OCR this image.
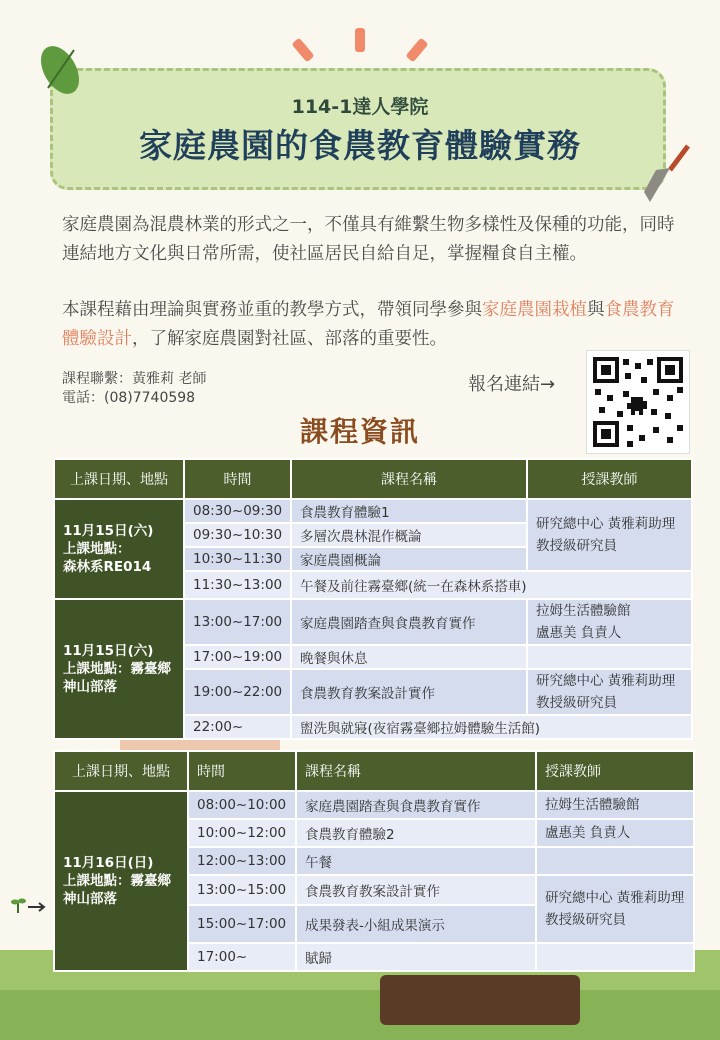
114-1達人學院
家庭農園的食農教育體驗實務
家庭農園為混農林業的形式之一，不僅具有維繫生物多樣性及保種的功能，同時連結地方文化與日常所需，使社區居民自給自足，掌握糧食自主權。
本課程藉由理論與實務並重的教學方式，帶領同學參與家庭農園栽植與食農教育體驗設計，了解家庭農園對社區、部落的重要性。
課程聯繫：黃雅莉 老師
電話：(08)7740598
報名連結→
課程資訊
上課日期、地點	時間	課程名稱	授課教師
11月15日(六)
上課地點：
森林系RE014	08:30~09:30	食農教育體驗1	研究總中心 黃雅莉助理教授級研究員
	09:30~10:30	多層次農林混作概論	
	10:30~11:30	家庭農園概論	
	11:30~13:00	午餐及前往霧臺鄉(統一在森林系搭車)	
11月15日(六)
上課地點：霧臺鄉
神山部落	13:00~17:00	家庭農園踏查與食農教育實作	拉姆生活體驗館
盧惠美 負責人
	17:00~19:00	晚餐與休息	
	19:00~22:00	食農教育教案設計實作	研究總中心 黃雅莉助理教授級研究員
	22:00~	盥洗與就寢(夜宿霧臺鄉拉姆體驗生活館)	
上課日期、地點	時間	課程名稱	授課教師
11月16日(日)
上課地點：霧臺鄉神山部落	08:00~10:00	家庭農園踏查與食農教育實作	拉姆生活體驗館
	10:00~12:00	食農教育體驗2	盧惠美 負責人
	12:00~13:00	午餐	
	13:00~15:00	食農教育教案設計實作	研究總中心 黃雅莉助理教授級研究員
	15:00~17:00	成果發表-小組成果演示	
	17:00~	賦歸	
